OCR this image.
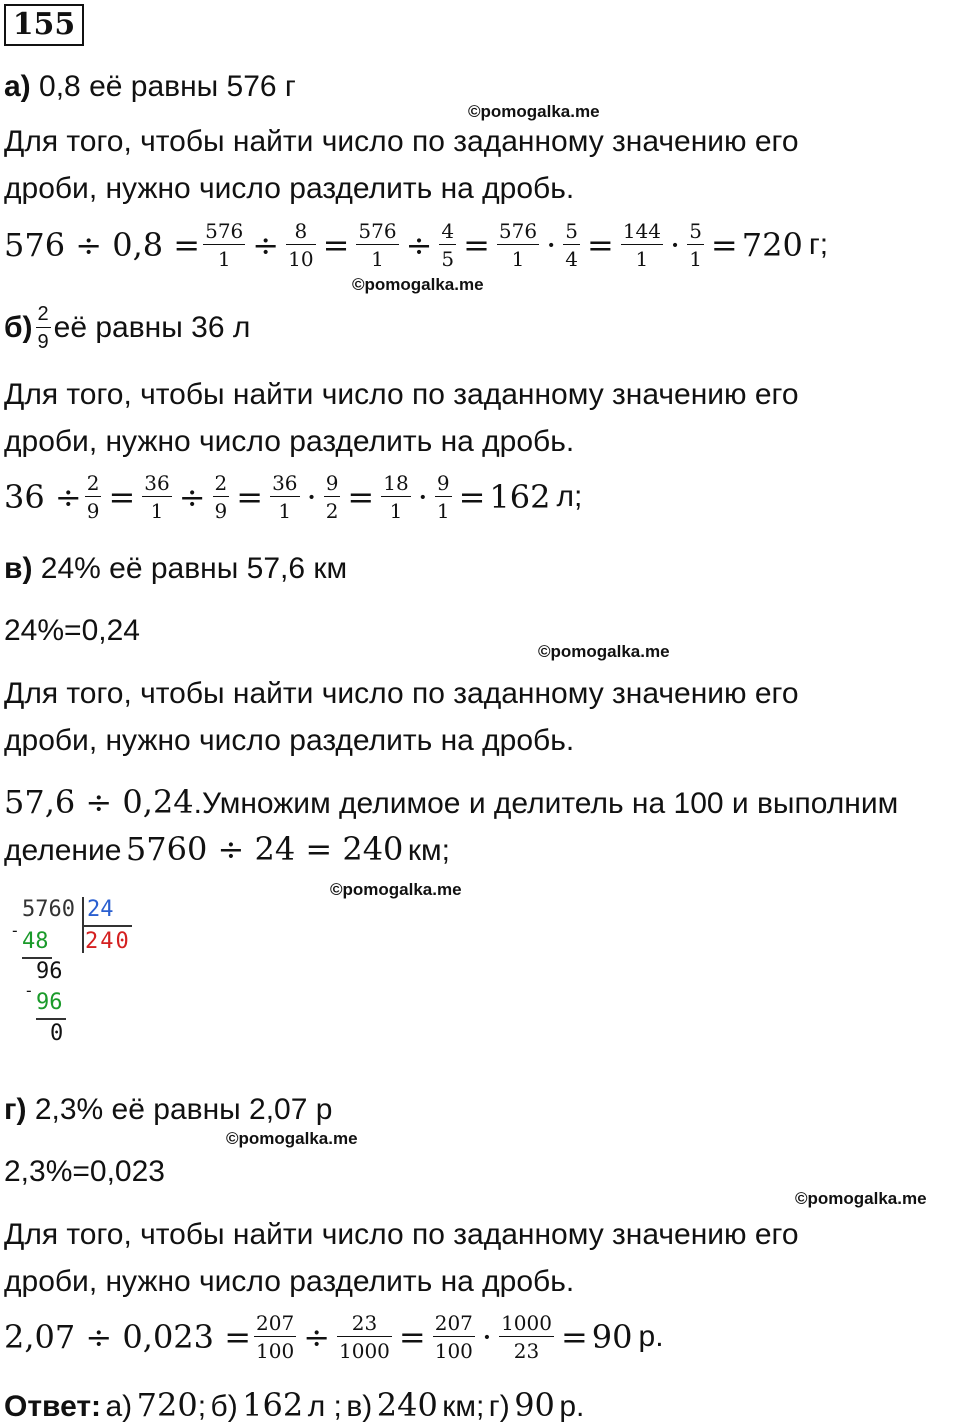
155
а) 0,8 её равны 576 г
©pomogalka.me
Для того, чтобы найти число по заданному значению его
дроби, нужно число разделить на дробь.
$576 \div 0,8 = \frac{576}{1} \div \frac{8}{10} = \frac{576}{1} \div \frac{4}{5} = \frac{576}{1} \cdot \frac{5}{4} = \frac{144}{1} \cdot \frac{5}{1} = 720$ г;
©pomogalka.me
$б) \frac{2}{9}$ её равны 36 л
Для того, чтобы найти число по заданному значению его
дроби, нужно число разделить на дробь.
$36 \div \frac{2}{9} = \frac{36}{1} \div \frac{2}{9} = \frac{36}{1} \cdot \frac{9}{2} = \frac{18}{1} \cdot \frac{9}{1} = 162$ л;
в) 24% её равны 57,6 км
24%=0,24
©pomogalka.me
Для того, чтобы найти число по заданному значению его
дроби, нужно число разделить на дробь.
57,6 ÷ 0,24.Умножим делимое и делитель на 100 и выполним
деление 5760 ÷ 24 = 240 км;
©pomogalka.me
5760 24
240
- 48
96
- 96
0
г) 2,3% её равны 2,07 р
©pomogalka.me
2,3%=0,023
©pomogalka.me
Для того, чтобы найти число по заданному значению его
дроби, нужно число разделить на дробь.
$2,07 \div 0,023 = \frac{207}{100} \div \frac{23}{1000} = \frac{207}{100} \cdot \frac{1000}{23} = 90$ р.
Ответ: а) 720; б) 162 л ; в) 240 км; г) 90 р.
